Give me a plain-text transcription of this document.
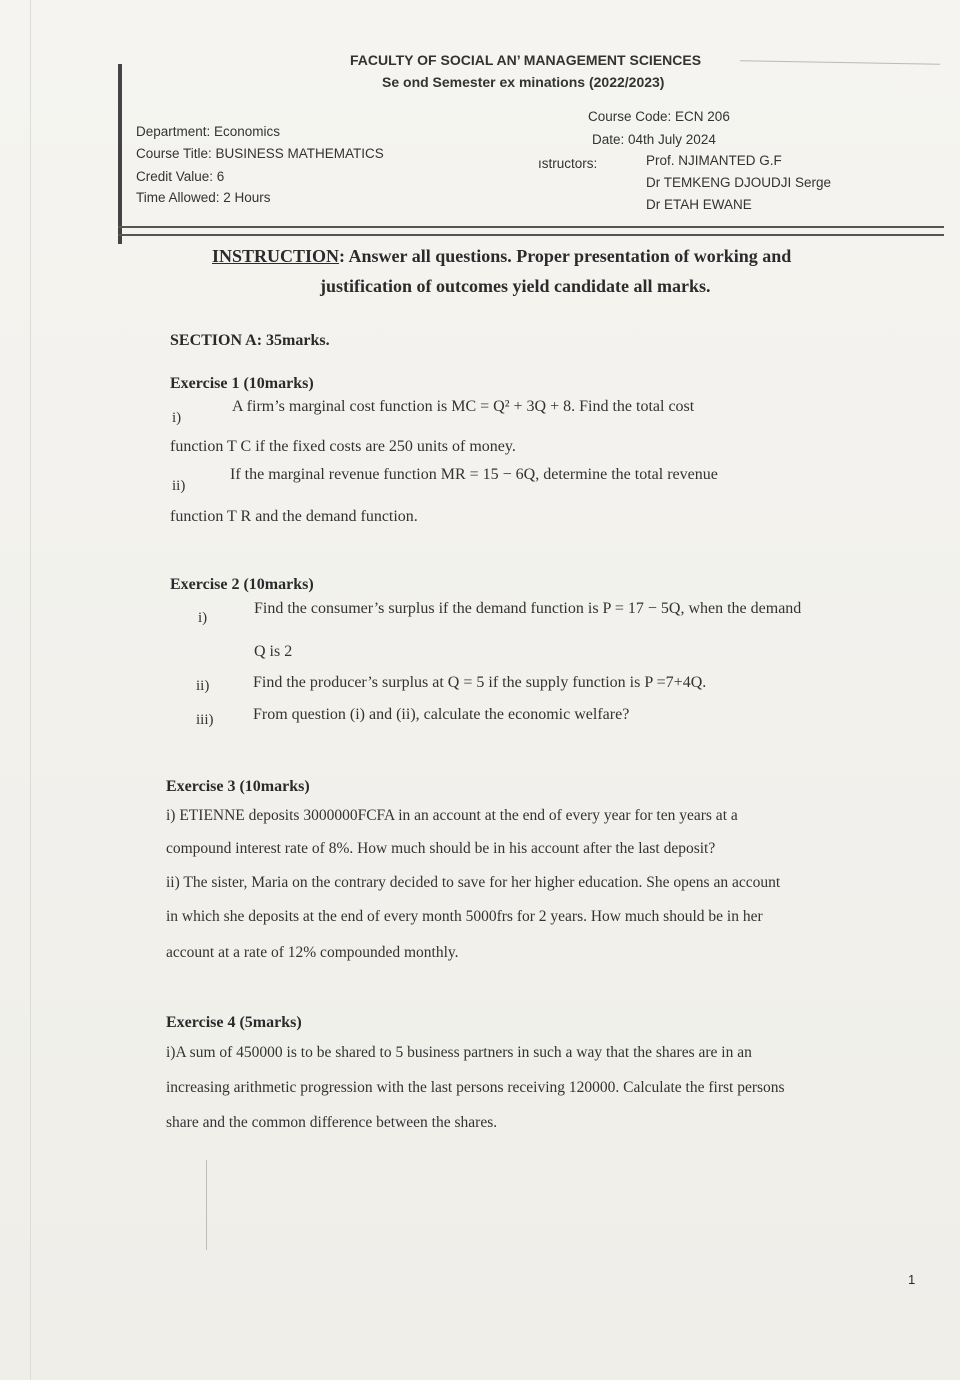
FACULTY OF SOCIAL AN’ MANAGEMENT SCIENCES
Se ond Semester ex minations (2022/2023)
Department: Economics
Course Title: BUSINESS MATHEMATICS
Credit Value: 6
Time Allowed: 2 Hours
Course Code: ECN 206
Date: 04th July 2024
ıstructors:	Prof. NJIMANTED G.F
Dr TEMKENG DJOUDJI Serge
Dr ETAH EWANE
INSTRUCTION: Answer all questions. Proper presentation of working and
justification of outcomes yield candidate all marks.
SECTION A: 35marks.
Exercise 1 (10marks)
i)
A firm’s marginal cost function is MC = Q² + 3Q + 8. Find the total cost
function T C if the fixed costs are 250 units of money.
ii)
If the marginal revenue function MR = 15 − 6Q, determine the total revenue
function T R and the demand function.
Exercise 2 (10marks)
i)
Find the consumer’s surplus if the demand function is P = 17 − 5Q, when the demand
Q is 2
ii)	Find the producer’s surplus at Q = 5 if the supply function is P =7+4Q.
iii) From question (i) and (ii), calculate the economic welfare?
Exercise 3 (10marks)
i) ETIENNE deposits 3000000FCFA in an account at the end of every year for ten years at a
compound interest rate of 8%. How much should be in his account after the last deposit?
ii) The sister, Maria on the contrary decided to save for her higher education. She opens an account
in which she deposits at the end of every month 5000frs for 2 years. How much should be in her
account at a rate of 12% compounded monthly.
Exercise 4 (5marks)
i)A sum of 450000 is to be shared to 5 business partners in such a way that the shares are in an
increasing arithmetic progression with the last persons receiving 120000. Calculate the first persons
share and the common difference between the shares.
1
